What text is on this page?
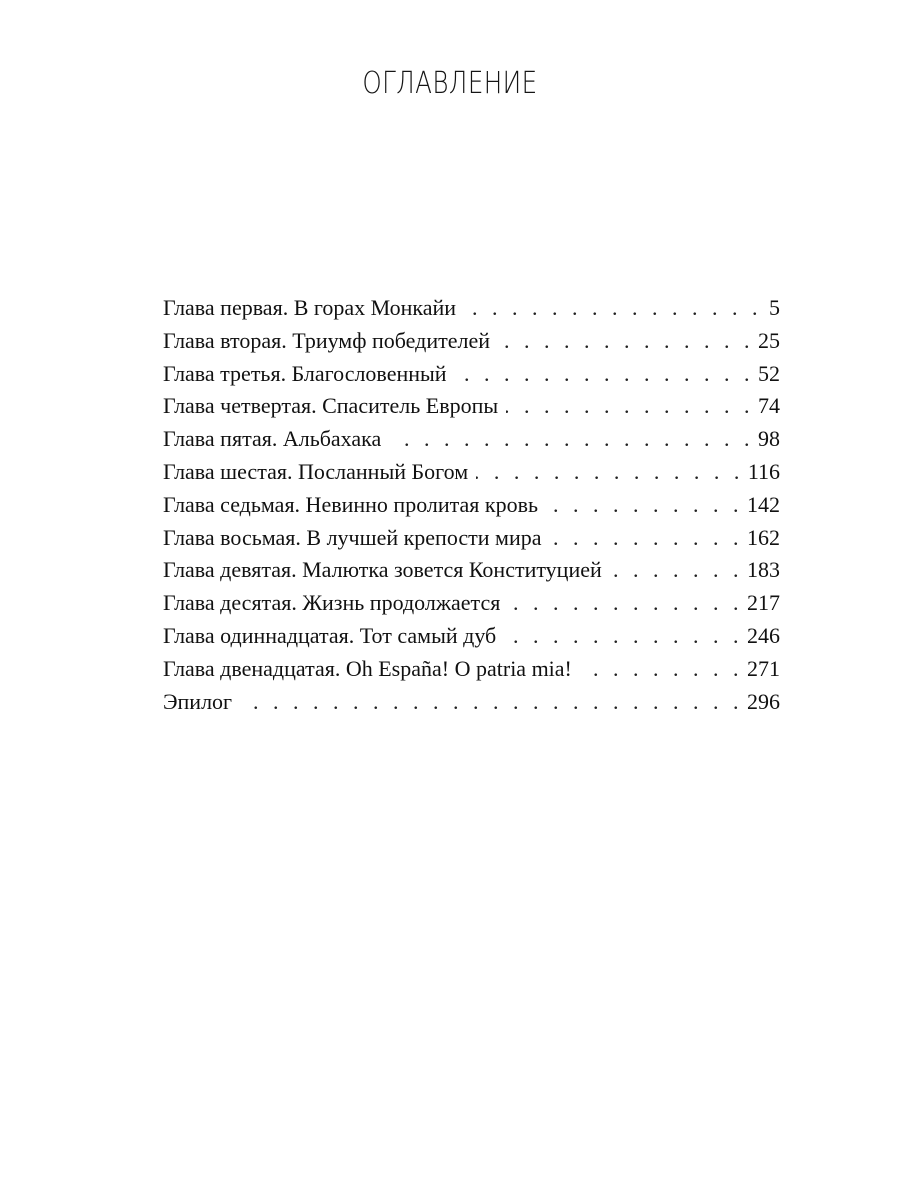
ОГЛАВЛЕНИЕ
Глава первая. В горах Монкайи . . .	5
Глава вторая. Триумф победителей . . .	25
Глава третья. Благословенный . . .	52
Глава четвертая. Спаситель Европы . . .	74
Глава пятая. Альбахака . . .	98
Глава шестая. Посланный Богом . . .	116
Глава седьмая. Невинно пролитая кровь . . .	142
Глава восьмая. В лучшей крепости мира . . .	162
Глава девятая. Малютка зовется Конституцией . . .	183
Глава десятая. Жизнь продолжается . . .	217
Глава одиннадцатая. Тот самый дуб . . .	246
Глава двенадцатая. Oh España! O patria mia! . . .	271
Эпилог . . .	296
